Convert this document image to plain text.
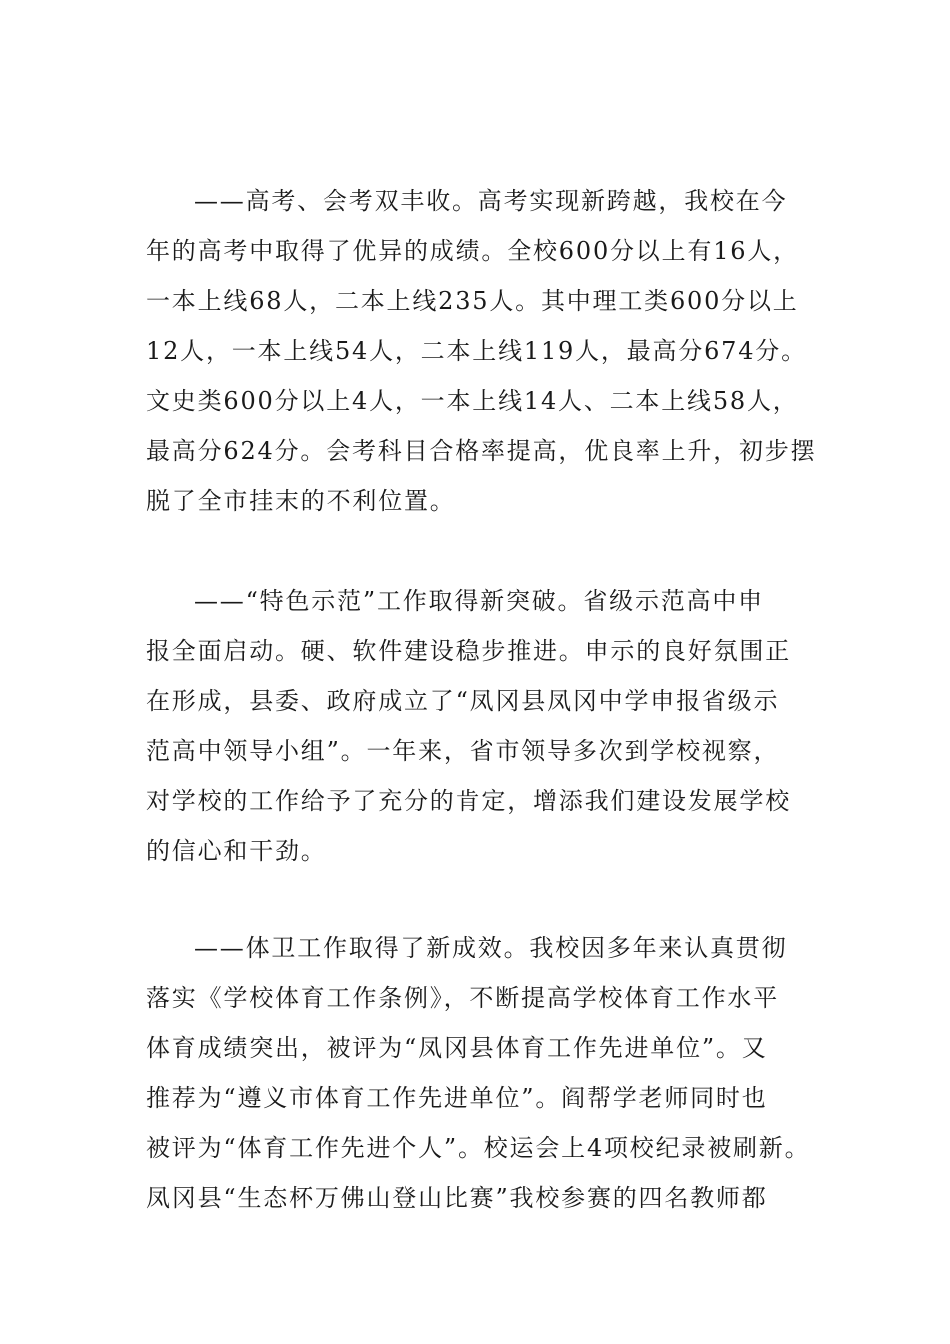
——高考、会考双丰收。高考实现新跨越，我校在今
年的高考中取得了优异的成绩。全校600分以上有16人，
一本上线68人，二本上线235人。其中理工类600分以上
12人，一本上线54人，二本上线119人，最高分674分。
文史类600分以上4人，一本上线14人、二本上线58人，
最高分624分。会考科目合格率提高，优良率上升，初步摆
脱了全市挂末的不利位置。
——“特色示范”工作取得新突破。省级示范高中申
报全面启动。硬、软件建设稳步推进。申示的良好氛围正
在形成，县委、政府成立了“凤冈县凤冈中学申报省级示
范高中领导小组”。一年来，省市领导多次到学校视察，
对学校的工作给予了充分的肯定，增添我们建设发展学校
的信心和干劲。
——体卫工作取得了新成效。我校因多年来认真贯彻
落实《学校体育工作条例》，不断提高学校体育工作水平
体育成绩突出，被评为“凤冈县体育工作先进单位”。又
推荐为“遵义市体育工作先进单位”。阎帮学老师同时也
被评为“体育工作先进个人”。校运会上4项校纪录被刷新。
凤冈县“生态杯万佛山登山比赛”我校参赛的四名教师都
